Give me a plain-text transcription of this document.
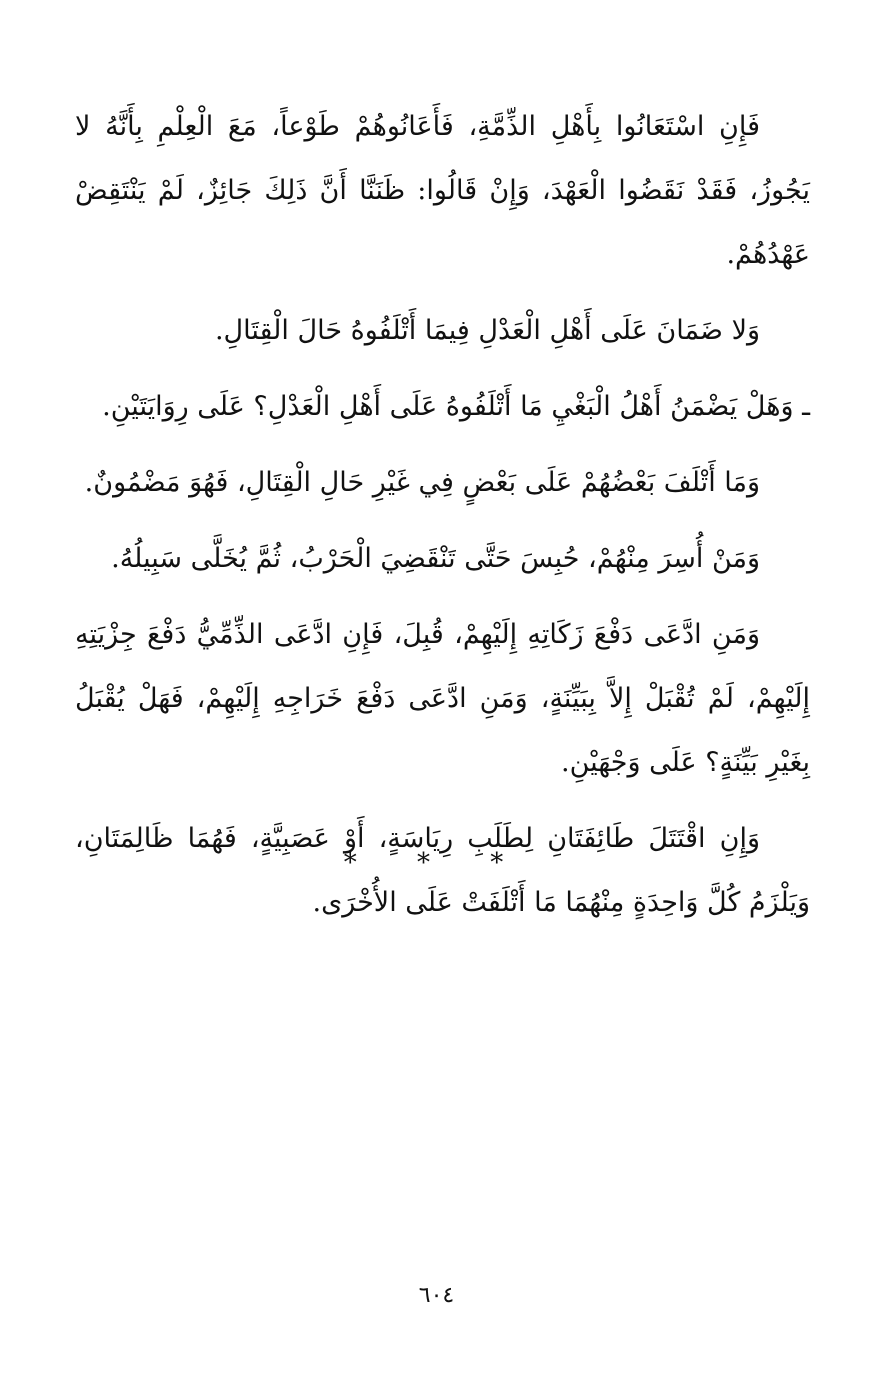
فَإِنِ اسْتَعَانُوا بِأَهْلِ الذِّمَّةِ، فَأَعَانُوهُمْ طَوْعاً، مَعَ الْعِلْمِ بِأَنَّهُ لا يَجُوزُ، فَقَدْ نَقَضُوا الْعَهْدَ، وَإِنْ قَالُوا: ظَنَنَّا أَنَّ ذَلِكَ جَائِزٌ، لَمْ يَنْتَقِضْ عَهْدُهُمْ.

وَلا ضَمَانَ عَلَى أَهْلِ الْعَدْلِ فِيمَا أَتْلَفُوهُ حَالَ الْقِتَالِ.

ـ وَهَلْ يَضْمَنُ أَهْلُ الْبَغْيِ مَا أَتْلَفُوهُ عَلَى أَهْلِ الْعَدْلِ؟ عَلَى رِوَايَتَيْنِ.

وَمَا أَتْلَفَ بَعْضُهُمْ عَلَى بَعْضٍ فِي غَيْرِ حَالِ الْقِتَالِ، فَهُوَ مَضْمُونٌ.

وَمَنْ أُسِرَ مِنْهُمْ، حُبِسَ حَتَّى تَنْقَضِيَ الْحَرْبُ، ثُمَّ يُخَلَّى سَبِيلُهُ.

وَمَنِ ادَّعَى دَفْعَ زَكَاتِهِ إِلَيْهِمْ، قُبِلَ، فَإِنِ ادَّعَى الذِّمِّيُّ دَفْعَ جِزْيَتِهِ إِلَيْهِمْ، لَمْ تُقْبَلْ إِلاَّ بِبَيِّنَةٍ، وَمَنِ ادَّعَى دَفْعَ خَرَاجِهِ إِلَيْهِمْ، فَهَلْ يُقْبَلُ بِغَيْرِ بَيِّنَةٍ؟ عَلَى وَجْهَيْنِ.

وَإِنِ اقْتَتَلَ طَائِفَتَانِ لِطَلَبِ رِيَاسَةٍ، أَوْ عَصَبِيَّةٍ، فَهُمَا ظَالِمَتَانِ، وَيَلْزَمُ كُلَّ وَاحِدَةٍ مِنْهُمَا مَا أَتْلَفَتْ عَلَى الأُخْرَى.

* * *
٦٠٤
